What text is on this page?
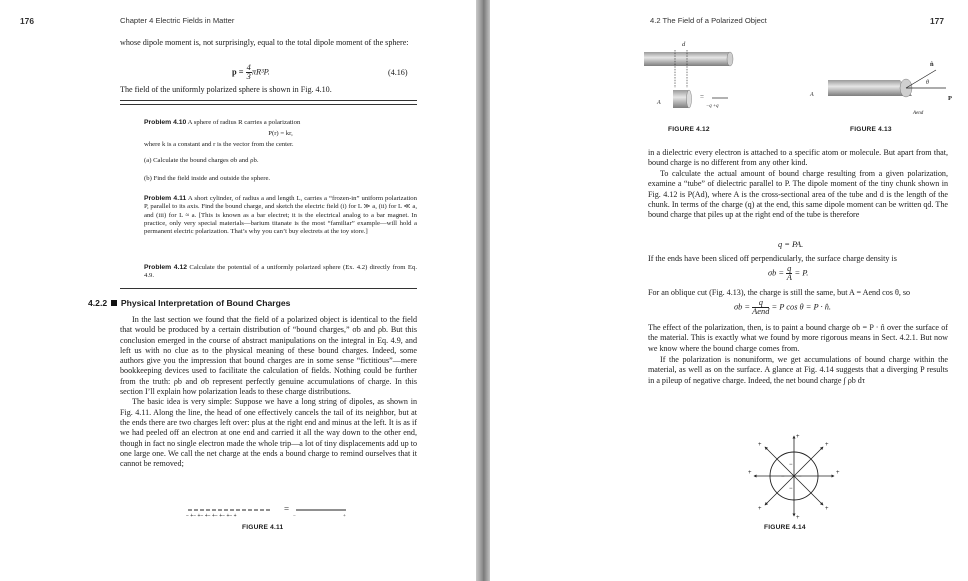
176	Chapter 4 Electric Fields in Matter
whose dipole moment is, not surprisingly, equal to the total dipole moment of the sphere:
$p = \frac{4}{3} \pi R^3P$.	(4.16)
The field of the uniformly polarized sphere is shown in Fig. 4.10.
Problem 4.10 A sphere of radius R carries a polarization
P(r) = kr,
where k is a constant and r is the vector from the center.
(a) Calculate the bound charges σb and ρb.
(b) Find the field inside and outside the sphere.
Problem 4.11 A short cylinder, of radius a and length L, carries a “frozen-in” uniform polarization P, parallel to its axis. Find the bound charge, and sketch the electric field (i) for L ≫ a, (ii) for L ≪ a, and (iii) for L ≈ a. [This is known as a bar electret; it is the electrical analog to a bar magnet. In practice, only very special materials—barium titanate is the most “familiar” example—will hold a permanent electric polarization. That’s why you can’t buy electrets at the toy store.]
Problem 4.12 Calculate the potential of a uniformly polarized sphere (Ex. 4.2) directly from Eq. 4.9.
4.2.2 Physical Interpretation of Bound Charges

In the last section we found that the field of a polarized object is identical to the field that would be produced by a certain distribution of “bound charges,” σb and ρb. But this conclusion emerged in the course of abstract manipulations on the integral in Eq. 4.9, and left us with no clue as to the physical meaning of these bound charges. Indeed, some authors give you the impression that bound charges are in some sense “fictitious”—mere bookkeeping devices used to facilitate the calculation of fields. Nothing could be further from the truth: ρb and σb represent perfectly genuine accumulations of charge. In this section I’ll explain how polarization leads to these charge distributions.

The basic idea is very simple: Suppose we have a long string of dipoles, as shown in Fig. 4.11. Along the line, the head of one effectively cancels the tail of its neighbor, but at the ends there are two charges left over: plus at the right end and minus at the left. It is as if we had peeled off an electron at one end and carried it all the way down to the other end, though in fact no single electron made the whole trip—a lot of tiny displacements add up to one large one. We call the net charge at the ends a bound charge to remind ourselves that it cannot be removed;

− +− +− +− +− +− +− +
=
−	+
FIGURE 4.11
4.2 The Field of a Polarized Object	177
d
A
=
−q +q
FIGURE 4.12
A
n̂
P
θ
Aend
FIGURE 4.13
in a dielectric every electron is attached to a specific atom or molecule. But apart from that, bound charge is no different from any other kind.
To calculate the actual amount of bound charge resulting from a given polarization, examine a “tube” of dielectric parallel to P. The dipole moment of the tiny chunk shown in Fig. 4.12 is P(Ad), where A is the cross-sectional area of the tube and d is the length of the chunk. In terms of the charge (q) at the end, this same dipole moment can be written qd. The bound charge that piles up at the right end of the tube is therefore
q = PA.
If the ends have been sliced off perpendicularly, the surface charge density is
$\sigma b = \frac{q}{A} = P$.
For an oblique cut (Fig. 4.13), the charge is still the same, but A = Aend cos θ, so
$\sigma b = \frac{q}{\text{Aend}} = P$ cos θ = P · n̂.
The effect of the polarization, then, is to paint a bound charge σb = P · n̂ over the surface of the material. This is exactly what we found by more rigorous means in Sect. 4.2.1. But now we know where the bound charge comes from.
If the polarization is nonuniform, we get accumulations of bound charge within the material, as well as on the surface. A glance at Fig. 4.14 suggests that a diverging P results in a pileup of negative charge. Indeed, the net bound charge ∫ ρb dτ
+
+
+	+
+	+
+	+
−
−
− −
FIGURE 4.14
